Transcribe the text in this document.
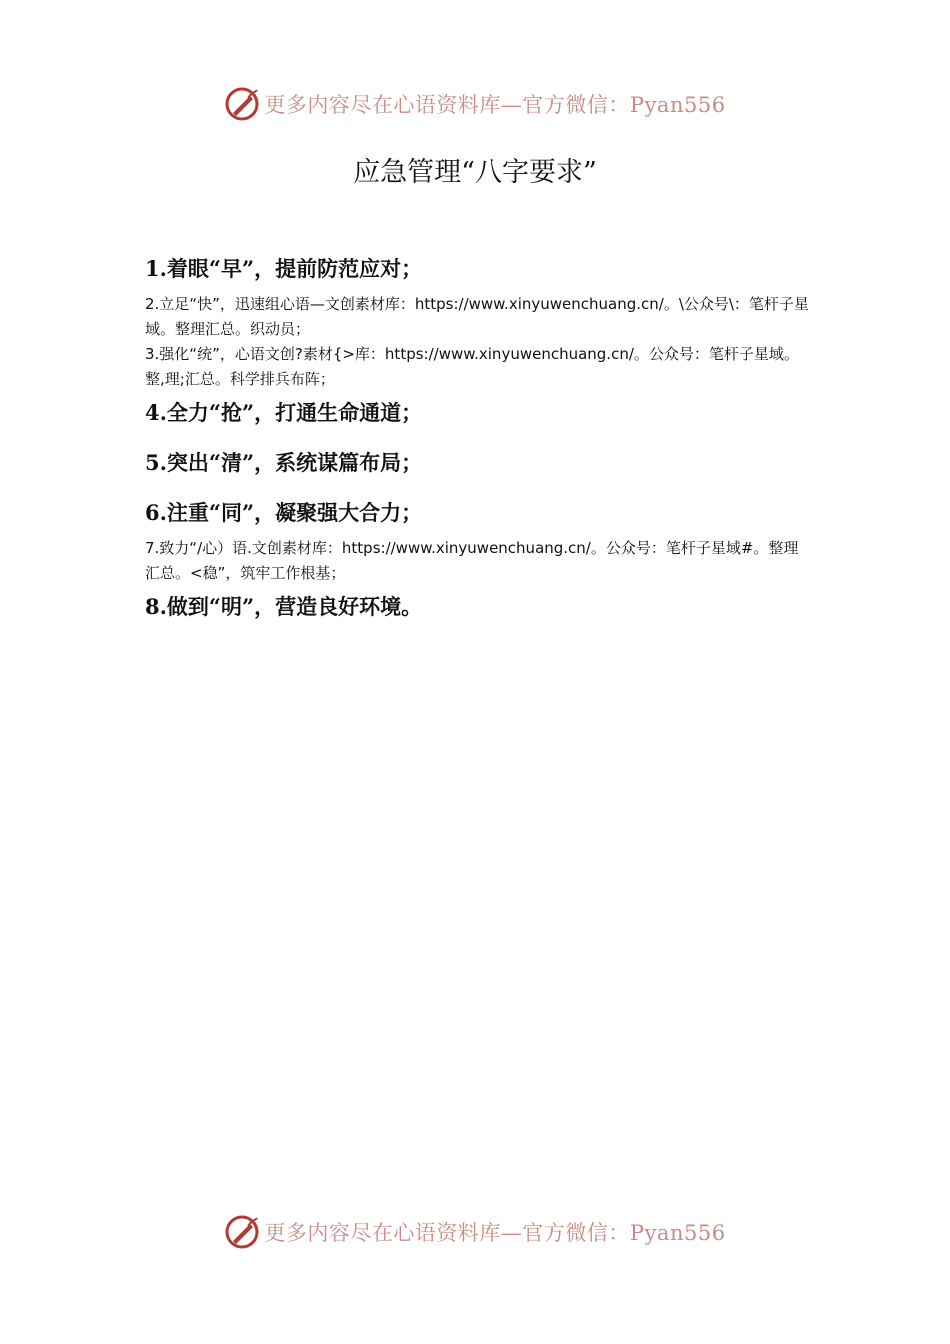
更多内容尽在心语资料库—官方微信：Pyan556
应急管理“八字要求”
1.着眼“早”，提前防范应对；
2.立足“快”，迅速组心语—文创素材库：https://www.xinyuwenchuang.cn/。\公众号\：笔杆子星域。整理汇总。织动员；
3.强化“统”，心语文创?素材{>库：https://www.xinyuwenchuang.cn/。公众号：笔杆子星域。整,理;汇总。科学排兵布阵；
4.全力“抢”，打通生命通道；
5.突出“清”，系统谋篇布局；
6.注重“同”，凝聚强大合力；
7.致力“/心）语.文创素材库：https://www.xinyuwenchuang.cn/。公众号：笔杆子星域#。整理汇总。<稳”，筑牢工作根基；
8.做到“明”，营造良好环境。
更多内容尽在心语资料库—官方微信：Pyan556
